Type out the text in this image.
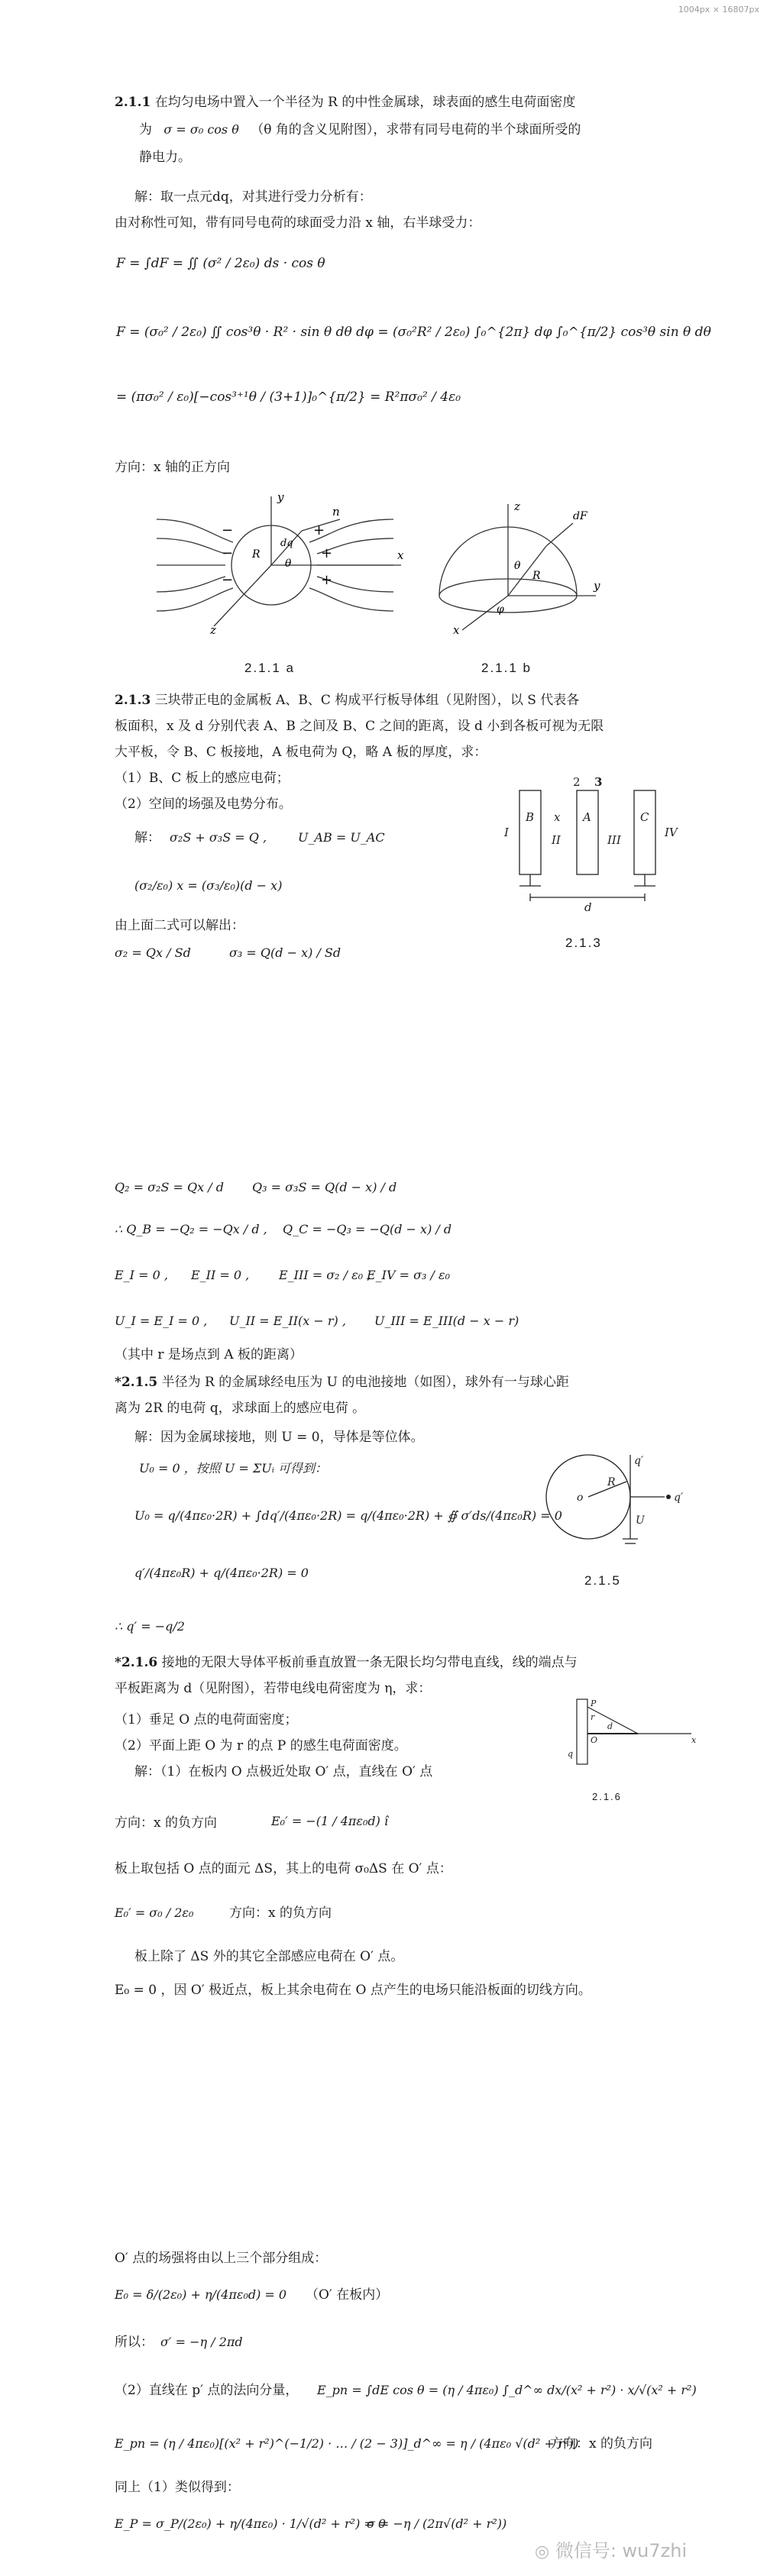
1004px × 16807px
2.1.1 在均匀电场中置入一个半径为 R 的中性金属球，球表面的感生电荷面密度
为 σ = σ₀ cos θ （θ 角的含义见附图），求带有同号电荷的半个球面所受的
静电力。
解：取一点元dq，对其进行受力分析有：
由对称性可知，带有同号电荷的球面受力沿 x 轴，右半球受力：
F = ∫dF = ∬ (σ² / 2ε₀) ds · cos θ
F = (σ₀² / 2ε₀) ∬ cos³θ · R² · sin θ dθ dφ = (σ₀²R² / 2ε₀) ∫₀^{2π} dφ ∫₀^{π/2} cos³θ sin θ dθ
= (πσ₀² / ε₀)[−cos³⁺¹θ / (3+1)]₀^{π/2} = R²πσ₀² / 4ε₀
方向：x 轴的正方向
y
x
z
R
dq
θ
n
+
+
+
−
−
−
2.1.1 a
z
y
x
dF
R
θ
φ
2.1.1 b
2.1.3 三块带正电的金属板 A、B、C 构成平行板导体组（见附图），以 S 代表各
板面积，x 及 d 分别代表 A、B 之间及 B、C 之间的距离，设 d 小到各板可视为无限
大平板，令 B、C 板接地，A 板电荷为 Q，略 A 板的厚度，求：
（1）B、C 板上的感应电荷；
（2）空间的场强及电势分布。
解： σ₂S + σ₃S = Q ,	U_AB = U_AC
(σ₂/ε₀) x = (σ₃/ε₀)(d − x)
由上面二式可以解出：
σ₂ = Qx / Sd	σ₃ = Q(d − x) / Sd
I
B x
II
A
III
C
IV
2 3
d
2.1.3
Q₂ = σ₂S = Qx / d Q₃ = σ₃S = Q(d − x) / d
∴ Q_B = −Q₂ = −Qx / d , Q_C = −Q₃ = −Q(d − x) / d
E_I = 0 , E_II = 0 , E_III = σ₂ / ε₀ ,
E_IV = σ₃ / ε₀
U_I = E_I = 0 , U_II = E_II(x − r) , U_III = E_III(d − x − r)
（其中 r 是场点到 A 板的距离）
*2.1.5 半径为 R 的金属球经电压为 U 的电池接地（如图），球外有一与球心距
离为 2R 的电荷 q，求球面上的感应电荷 。
解：因为金属球接地，则 U = 0，导体是等位体。
U₀ = 0 ，按照 U = ΣUᵢ 可得到：
U₀ = q/(4πε₀·2R) + ∫dq′/(4πε₀·2R) = q/(4πε₀·2R) + ∯ σ′ds/(4πε₀R) = 0
q′/(4πε₀R) + q/(4πε₀·2R) = 0
∴ q′ = −q/2
q′
o
R
q′
U
2.1.5
*2.1.6 接地的无限大导体平板前垂直放置一条无限长均匀带电直线，线的端点与
平板距离为 d（见附图），若带电线电荷密度为 η，求：
（1）垂足 O 点的电荷面密度；
（2）平面上距 O 为 r 的点 P 的感生电荷面密度。
解：（1）在板内 O 点极近处取 O′ 点，直线在 O′ 点
P
r
d
O	x
q
2.1.6
方向：x 的负方向	E₀′ = −(1 / 4πε₀d) î
板上取包括 O 点的面元 ΔS，其上的电荷 σ₀ΔS 在 O′ 点：
E₀′ = σ₀ / 2ε₀	方向：x 的负方向
板上除了 ΔS 外的其它全部感应电荷在 O′ 点。
E₀ = 0 ，因 O′ 极近点，板上其余电荷在 O 点产生的电场只能沿板面的切线方向。
O′ 点的场强将由以上三个部分组成：
E₀ = δ/(2ε₀) + η/(4πε₀d) = 0 （O′ 在板内）
所以： σ′ = −η / 2πd
（2）直线在 p′ 点的法向分量， E_pn = ∫dE cos θ = (η / 4πε₀) ∫_d^∞ dx/(x² + r²) · x/√(x² + r²)
E_pn = (η / 4πε₀)[(x² + r²)^(−1/2) · … / (2 − 3)]_d^∞ = η / (4πε₀ √(d² + r²))
方向：x 的负方向
同上（1）类似得到：
E_P = σ_P/(2ε₀) + η/(4πε₀) · 1/√(d² + r²) = 0
σ = −η / (2π√(d² + r²))
◎ 微信号: wu7zhi
